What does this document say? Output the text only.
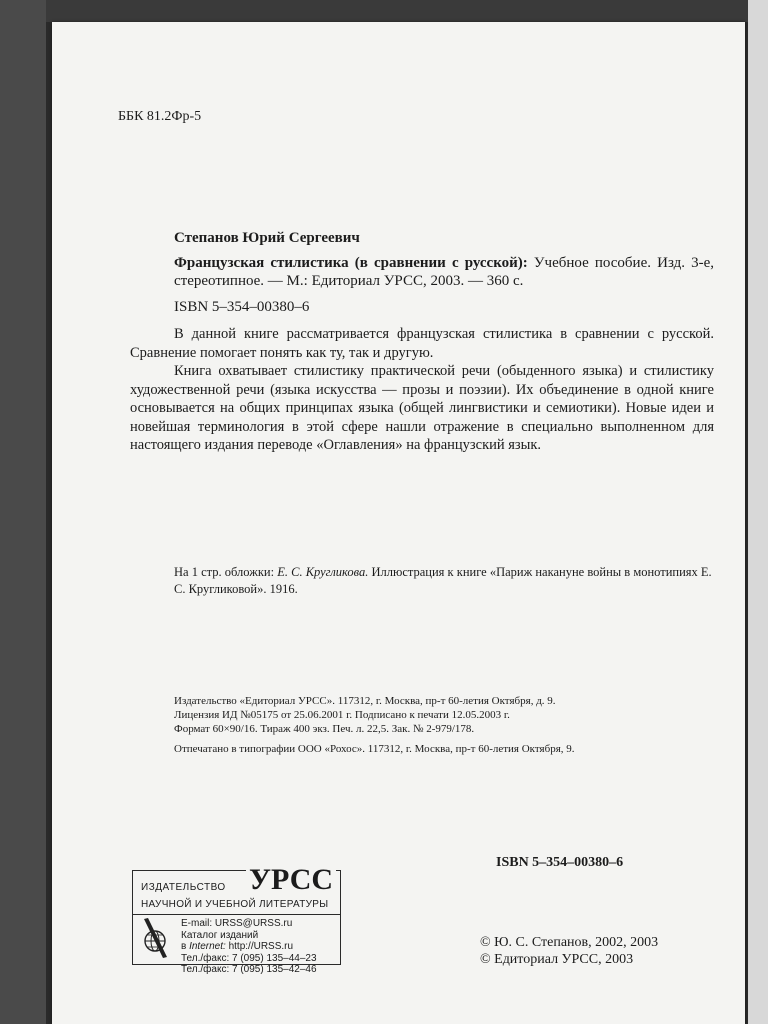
ББК 81.2Фр-5
Степанов Юрий Сергеевич
Французская стилистика (в сравнении с русской): Учебное пособие. Изд. 3-е, стереотипное. — М.: Едиториал УРСС, 2003. — 360 с.
ISBN 5–354–00380–6

В данной книге рассматривается французская стилистика в сравнении с русской. Сравнение помогает понять как ту, так и другую.

Книга охватывает стилистику практической речи (обыденного языка) и стилистику художественной речи (языка искусства — прозы и поэзии). Их объединение в одной книге основывается на общих принципах языка (общей лингвистики и семиотики). Новые идеи и новейшая терминология в этой сфере нашли отражение в специально выполненном для настоящего издания переводе «Оглавления» на французский язык.

На 1 стр. обложки: Е. С. Кругликова. Иллюстрация к книге «Париж накануне войны в монотипиях Е. С. Кругликовой». 1916.
Издательство «Едиториал УРСС». 117312, г. Москва, пр-т 60-летия Октября, д. 9.
Лицензия ИД №05175 от 25.06.2001 г. Подписано к печати 12.05.2003 г.
Формат 60×90/16. Тираж 400 экз. Печ. л. 22,5. Зак. № 2-979/178.
Отпечатано в типографии ООО «Рохос». 117312, г. Москва, пр-т 60-летия Октября, 9.
ИЗДАТЕЛЬСТВО УРСС
НАУЧНОЙ И УЧЕБНОЙ ЛИТЕРАТУРЫ
E-mail: URSS@URSS.ru
Каталог изданий
в Internet: http://URSS.ru
Тел./факс: 7 (095) 135–44–23
Тел./факс: 7 (095) 135–42–46
ISBN 5–354–00380–6
© Ю. С. Степанов, 2002, 2003
© Едиториал УРСС, 2003
